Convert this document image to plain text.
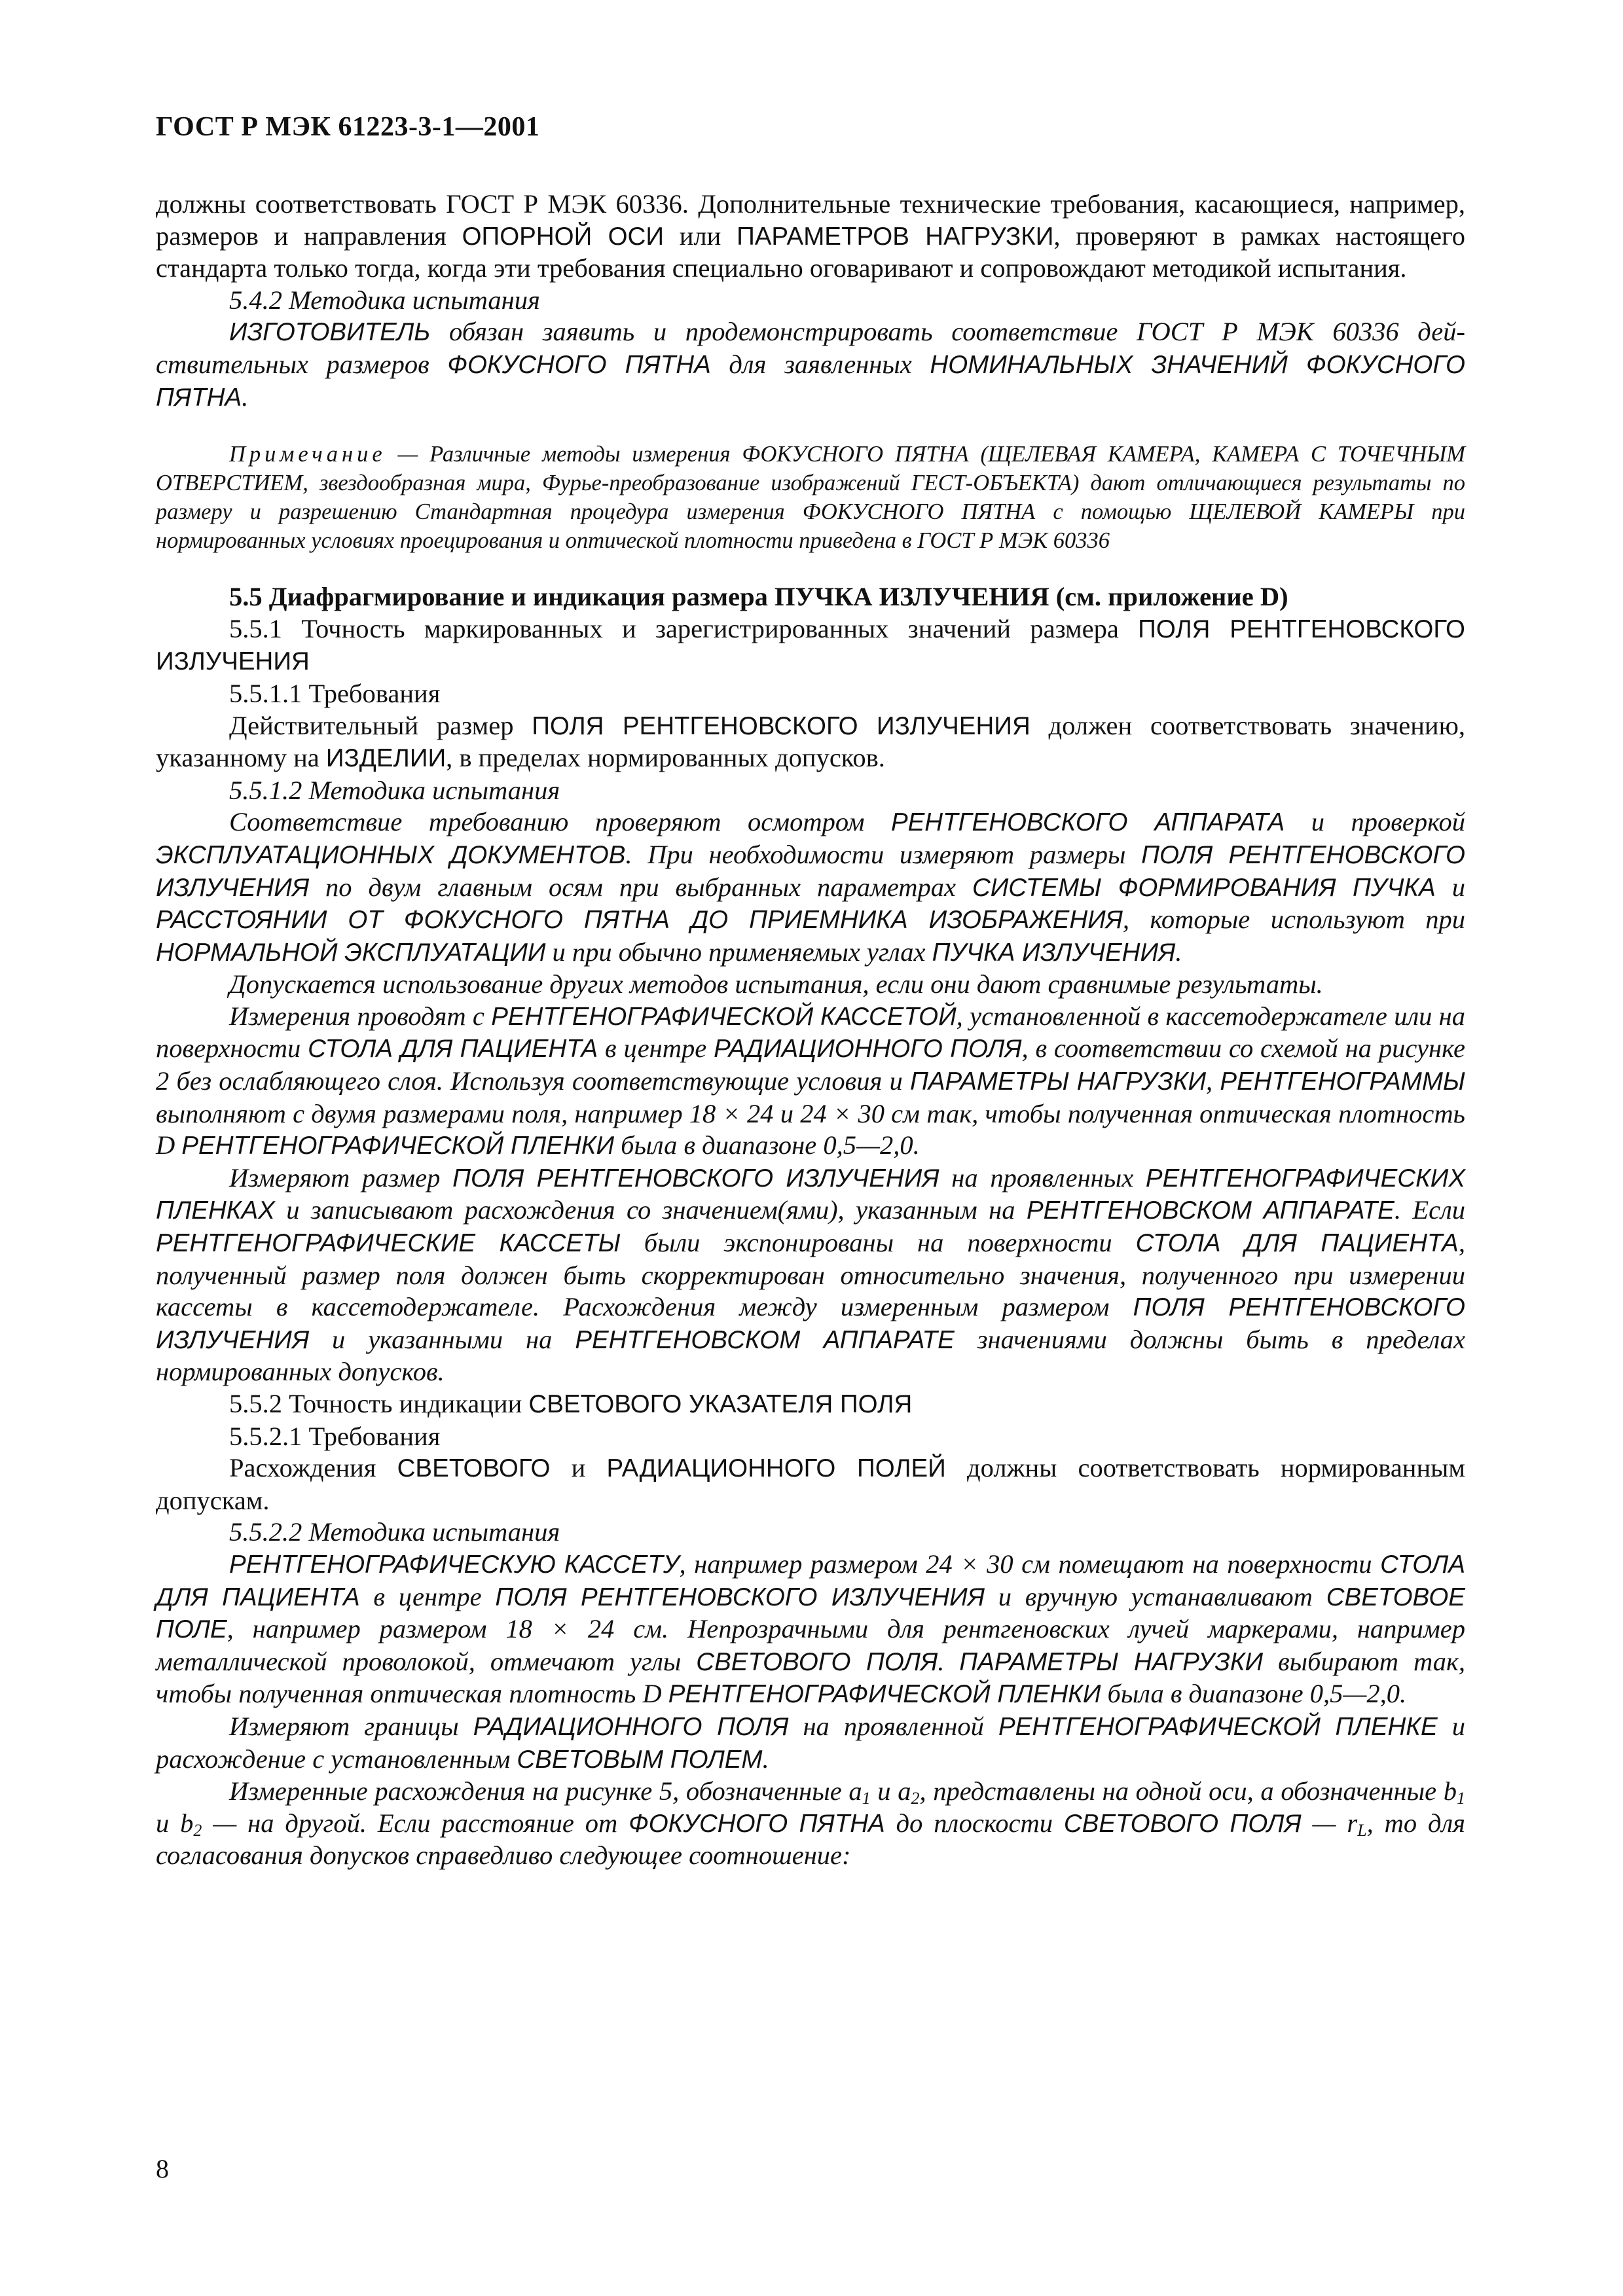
ГОСТ Р МЭК 61223-3-1—2001

должны соответствовать ГОСТ Р МЭК 60336. Дополнительные технические требования, касающиеся, например, размеров и направления ОПОРНОЙ ОСИ или ПАРАМЕТРОВ НАГРУЗКИ, проверяют в рамках настоящего стандарта только тогда, когда эти требования специально оговаривают и сопровождают методикой испытания.

5.4.2 Методика испытания

ИЗГОТОВИТЕЛЬ обязан заявить и продемонстрировать соответствие ГОСТ Р МЭК 60336 действительных размеров ФОКУСНОГО ПЯТНА для заявленных НОМИНАЛЬНЫХ ЗНАЧЕНИЙ ФОКУСНОГО ПЯТНА.

Примечание — Различные методы измерения ФОКУСНОГО ПЯТНА (ЩЕЛЕВАЯ КАМЕРА, КАМЕРА С ТОЧЕЧНЫМ ОТВЕРСТИЕМ, звездообразная мира, Фурье-преобразование изображений ГЕСТ-ОБЪЕКТА) дают отличающиеся результаты по размеру и разрешению Стандартная процедура измерения ФОКУСНОГО ПЯТНА с помощью ЩЕЛЕВОЙ КАМЕРЫ при нормированных условиях проецирования и оптической плотности приведена в ГОСТ Р МЭК 60336

5.5 Диафрагмирование и индикация размера ПУЧКА ИЗЛУЧЕНИЯ (см. приложение D)

5.5.1 Точность маркированных и зарегистрированных значений размера ПОЛЯ РЕНТГЕНОВСКОГО ИЗЛУЧЕНИЯ

5.5.1.1 Требования

Действительный размер ПОЛЯ РЕНТГЕНОВСКОГО ИЗЛУЧЕНИЯ должен соответствовать значению, указанному на ИЗДЕЛИИ, в пределах нормированных допусков.

5.5.1.2 Методика испытания

Соответствие требованию проверяют осмотром РЕНТГЕНОВСКОГО АППАРАТА и проверкой ЭКСПЛУАТАЦИОННЫХ ДОКУМЕНТОВ. При необходимости измеряют размеры ПОЛЯ РЕНТГЕНОВСКОГО ИЗЛУЧЕНИЯ по двум главным осям при выбранных параметрах СИСТЕМЫ ФОРМИРОВАНИЯ ПУЧКА и РАССТОЯНИИ ОТ ФОКУСНОГО ПЯТНА ДО ПРИЕМНИКА ИЗОБРАЖЕНИЯ, которые используют при НОРМАЛЬНОЙ ЭКСПЛУАТАЦИИ и при обычно применяемых углах ПУЧКА ИЗЛУЧЕНИЯ.

Допускается использование других методов испытания, если они дают сравнимые результаты.

Измерения проводят с РЕНТГЕНОГРАФИЧЕСКОЙ КАССЕТОЙ, установленной в кассетодержателе или на поверхности СТОЛА ДЛЯ ПАЦИЕНТА в центре РАДИАЦИОННОГО ПОЛЯ, в соответствии со схемой на рисунке 2 без ослабляющего слоя. Используя соответствующие условия и ПАРАМЕТРЫ НАГРУЗКИ, РЕНТГЕНОГРАММЫ выполняют с двумя размерами поля, например 18 × 24 и 24 × 30 см так, чтобы полученная оптическая плотность D РЕНТГЕНОГРАФИЧЕСКОЙ ПЛЕНКИ была в диапазоне 0,5—2,0.

Измеряют размер ПОЛЯ РЕНТГЕНОВСКОГО ИЗЛУЧЕНИЯ на проявленных РЕНТГЕНОГРАФИЧЕСКИХ ПЛЕНКАХ и записывают расхождения со значением(ями), указанным на РЕНТГЕНОВСКОМ АППАРАТЕ. Если РЕНТГЕНОГРАФИЧЕСКИЕ КАССЕТЫ были экспонированы на поверхности СТОЛА ДЛЯ ПАЦИЕНТА, полученный размер поля должен быть скорректирован относительно значения, полученного при измерении кассеты в кассетодержателе. Расхождения между измеренным размером ПОЛЯ РЕНТГЕНОВСКОГО ИЗЛУЧЕНИЯ и указанными на РЕНТГЕНОВСКОМ АППАРАТЕ значениями должны быть в пределах нормированных допусков.

5.5.2 Точность индикации СВЕТОВОГО УКАЗАТЕЛЯ ПОЛЯ

5.5.2.1 Требования

Расхождения СВЕТОВОГО и РАДИАЦИОННОГО ПОЛЕЙ должны соответствовать нормированным допускам.

5.5.2.2 Методика испытания

РЕНТГЕНОГРАФИЧЕСКУЮ КАССЕТУ, например размером 24 × 30 см помещают на поверхности СТОЛА ДЛЯ ПАЦИЕНТА в центре ПОЛЯ РЕНТГЕНОВСКОГО ИЗЛУЧЕНИЯ и вручную устанавливают СВЕТОВОЕ ПОЛЕ, например размером 18 × 24 см. Непрозрачными для рентгеновских лучей маркерами, например металлической проволокой, отмечают углы СВЕТОВОГО ПОЛЯ. ПАРАМЕТРЫ НАГРУЗКИ выбирают так, чтобы полученная оптическая плотность D РЕНТГЕНОГРАФИЧЕСКОЙ ПЛЕНКИ была в диапазоне 0,5—2,0.

Измеряют границы РАДИАЦИОННОГО ПОЛЯ на проявленной РЕНТГЕНОГРАФИЧЕСКОЙ ПЛЕНКЕ и расхождение с установленным СВЕТОВЫМ ПОЛЕМ.

Измеренные расхождения на рисунке 5, обозначенные $a_1$ и $a_2$, представлены на одной оси, а обозначенные $b_1$ и $b_2$ — на другой. Если расстояние от ФОКУСНОГО ПЯТНА до плоскости СВЕТОВОГО ПОЛЯ — $r_L$, то для согласования допусков справедливо следующее соотношение:

8
